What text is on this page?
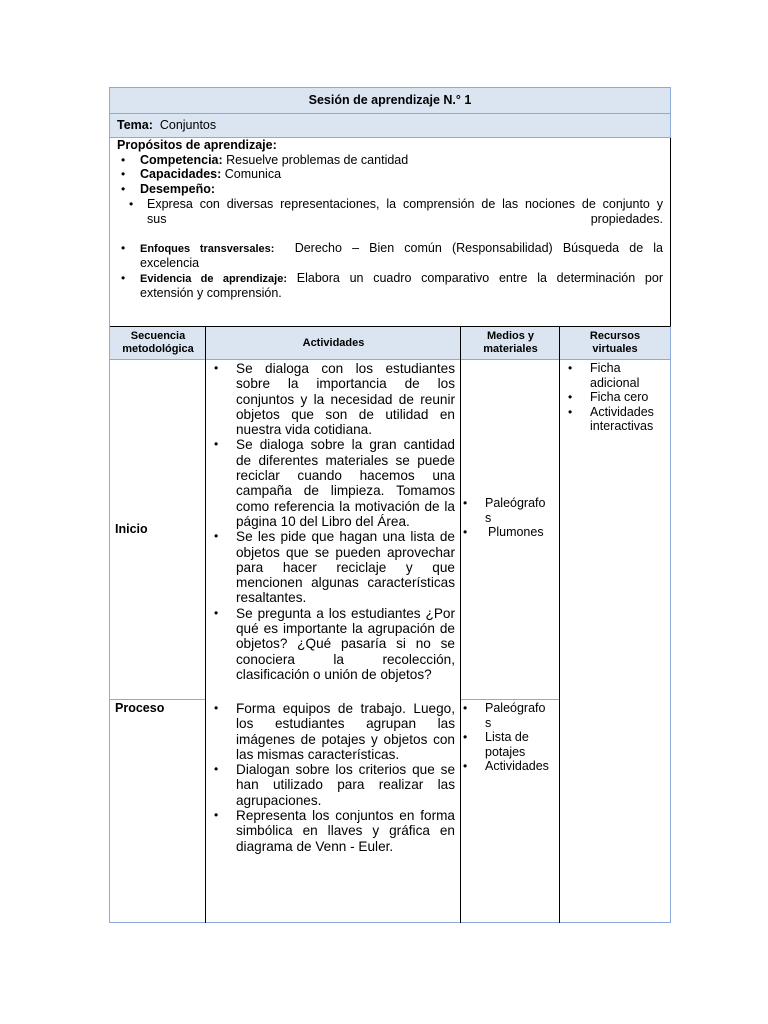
Sesión de aprendizaje N.° 1
Tema: Conjuntos
Propósitos de aprendizaje:
• Competencia: Resuelve problemas de cantidad
• Capacidades: Comunica
• Desempeño:
• Expresa con diversas representaciones, la comprensión de las nociones de conjunto y
sus	propiedades.
• Enfoques transversales: Derecho – Bien común (Responsabilidad) Búsqueda de la
excelencia
• Evidencia de aprendizaje: Elabora un cuadro comparativo entre la determinación por
extensión y comprensión.
Secuencia metodológica
Actividades
Medios y materiales
Recursos virtuales
Inicio
• Se dialoga con los estudiantes sobre la importancia de los conjuntos y la necesidad de reunir objetos que son de utilidad en nuestra vida cotidiana.
• Se dialoga sobre la gran cantidad de diferentes materiales se puede reciclar cuando hacemos una campaña de limpieza. Tomamos como referencia la motivación de la página 10 del Libro del Área.
• Se les pide que hagan una lista de objetos que se pueden aprovechar para hacer reciclaje y que mencionen algunas características resaltantes.
• Se pregunta a los estudiantes ¿Por qué es importante la agrupación de objetos? ¿Qué pasaría si no se conociera la recolección, clasificación o unión de objetos?
• Paleógrafos
• Plumones
• Ficha adicional
• Ficha cero
• Actividades interactivas
Proceso
•	Forma equipos de trabajo. Luego, los estudiantes agrupan las imágenes de potajes y objetos con las mismas características.
• Dialogan sobre los criterios que se han utilizado para realizar las agrupaciones.
• Representa los conjuntos en forma simbólica en llaves y gráfica en diagrama de Venn - Euler.
• Paleógrafos
• Lista de potajes
• Actividades
